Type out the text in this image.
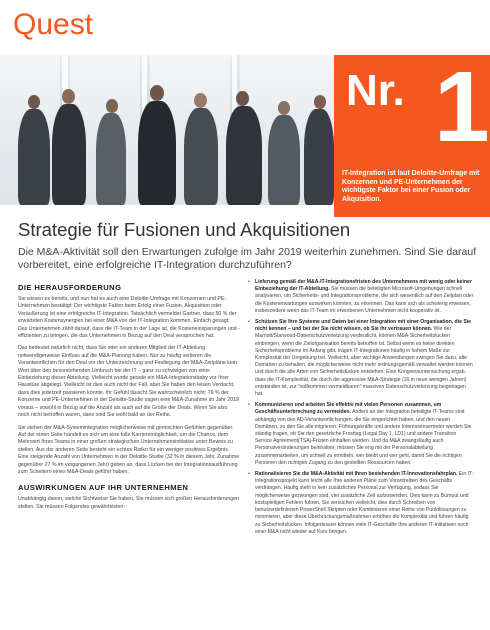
Quest
Nr. 1
IT-Integration ist laut Deloitte-Umfrage mit Konzernen und PE-Unternehmen der wichtigste Faktor bei einer Fusion oder Akquisition.
Strategie für Fusionen und Akquisitionen
Die M&A-Aktivität soll den Erwartungen zufolge im Jahr 2019 weiterhin zunehmen. Sind Sie darauf vorbereitet, eine erfolgreiche IT-Integration durchzuführen?
DIE HERAUSFORDERUNG

Sie wissen es bereits, und nun hat es auch eine Deloitte-Umfrage mit Konzernen und PE-Unternehmen bestätigt: Der wichtigste Faktor beim Erfolg einer Fusion, Akquisition oder Veräußerung ist eine erfolgreiche IT-Integration. Tatsächlich vermeldet Gartner, dass 50 % der erwarteten Kostensynergien bei einer M&A von der IT-Integration kommen. Einfach gesagt: Das Unternehmen zählt darauf, dass die IT-Team in der Lage ist, die Kosteneinsparungen und -effizienten zu bringen, die das Unternehmen in Bezug auf den Deal versprochen hat.

Das bedeutet natürlich nicht, dass Sie oder ein anderes Mitglied der IT-Abteilung notwendigerweise Einfluss auf die M&A-Planung haben. Nur zu häufig verlieren die Verantwortlichen für den Deal vor der Unterzeichnung und Festlegung der M&A-Zeitpläne kein Wort über den bevorstehenden Umbruch bei der IT – ganz zu schweigen von einer Einbeziehung dieser Abteilung. Vielleicht wurde gerade ein M&A-Integrationsbaby vor Ihrer Haustüre abgelegt. Vielleicht ist dies auch nicht der Fall, aber Sie haben den leisen Verdacht, dass dies jederzeit passieren könnte. Ihr Gefühl täuscht Sie wahrscheinlich nicht: 79 % der Konzerne und PE-Unternehmen in der Deloitte-Studie sagen eine M&A-Zunahme im Jahr 2019 voraus – sowohl in Bezug auf die Anzahl als auch auf die Größe der Deals. Wenn Sie also noch nicht betroffen waren, dann sind Sie wohl bald an der Reihe.

Sie stehen der M&A-Systemintegration möglicherweise mit gemischten Gefühlen gegenüber. Auf der einen Seite handelt es sich um eine tolle Karrieremöglichkeit, um die Chance, dem Mehrwert Ihres Teams in einer großen strategischen Unternehmensinitiative unter Beweis zu stellen. Aus der anderen Seite besteht ein echtes Risiko für ein weniger positives Ergebnis. Eine steigende Anzahl von Unternehmen in der Deloitte-Studie (32 % in diesem Jahr, Zunahme gegenüber 27 % im vergangenen Jahr) geben an, dass Lücken bei der Integrationsausführung zum Scheitern eines M&A-Deals geführt haben.

AUSWIRKUNGEN AUF IHR UNTERNEHMEN

Unabhängig davon, welche Sichtweise Sie haben, Sie müssen sich großen Herausforderungen stellen. Sie müssen Folgendes gewährleisten:

• Lieferung gemäß der M&A-IT-Integrationsfristen des Unternehmens mit wenig oder keiner Einbeziehung der IT-Abteilung. Sie müssen die beteiligten Microsoft-Umgebungen schnell analysieren, um Sicherheits- und Integrationsprobleme, die sich wesentlich auf den Zeitplan oder die Kostenerwartungen auswirken könnten, zu erkennen. Das kann sich als schwierig erweisen, insbesondere wenn das IT-Team im erworbenen Unternehmen nicht kooperativ ist.
• Schützen Sie Ihre Systeme und Daten bei einer Integration mit einer Organisation, die Sie nicht kennen – und bei der Sie nicht wissen, ob Sie ihr vertrauen können. Wie der Marriott/Starwood-Datenschutzverletzung verdeutlicht, können M&A-Sicherheitslücken einbringen, wenn die Zielorganisation bereits betroffen ist. Selbst wenn es keine direkten Sicherheitsprobleme im Anfang gibt, tragen IT-Integrationen häufig in hohem Maße zur Komplexität der Umgebung bei. Vielleicht, aber wichtige Anwendungen zwingen Sie dazu, alte Domänen zu behalten, die möglicherweise nicht mehr ordnungsgemäß verwaltet werden können und durch die alle Arten von Sicherheitslücken entstehen. Eine Kongressuntersuchung ergab, dass die IT-Komplexität, die durch die aggressive M&A-Strategie (16 in neun wenigen Jahren) entstanden ist, zur "vollkommen vermeidbaren" massiven Datenschutzverletzung beigetragen hat.
• Kommunizieren und arbeiten Sie effektiv mit vielen Personen zusammen, um Geschäftsunterbrechung zu vermeiden. Anders an der Integration beteiligte IT-Teams sind abhängig von den AD-Verantwortlichungen, die Sie eingerichtet haben, und den neuen Domänen, zu den Sie alle migrieren. Führungskräfte und andere Interessenvertreter werden Sie ständig fragen, ob Sie den gesetzliche Frosttag (Legal Day 1, LD1) und andere Transition Service Agreement(TSA)-Fristen einhalten werden. Und da M&A zwangsläufig auch Personalveränderungen beinhalten, müssen Sie eng mit der Personalabteilung zusammenarbeiten, um schnell zu ermitteln, wer bleibt und wer geht, damit Sie die richtigen Personen den richtigen Zugang zu den gestellten Ressourcen haben.
• Rationalisieren Sie die M&A-Aktivität mit Ihren bestehenden IT-Innovationsfahrplan. Ein IT-Integrationsprojekt kann leicht alle Ihre anderen Pläne zum Vorantreiben des Geschäfts verdrängen. Häufig steht in kein zusätzliches Personal zur Verfügung, sodass Sie möglicherweise gezwungen sind, viel zusätzliche Zeit aufzuwenden. Dies kann zu Burnout und kostspieligen Fehlern führen. Sie versuchen vielleicht, dies durch Schreiben von benutzerdefinierten PowerShell Skripten oder Kombinieren einer Reihe von Punktlösungen zu minimieren, aber diese Überbrückungsmaßnahmen erhöhen die Komplexität und führen häufig zu Sicherheitslücken. Infolgedessen können viele IT-Geschäfte Ihre anderen IT-Initiativen noch einer M&A nicht wieder auf Kurs bringen.
